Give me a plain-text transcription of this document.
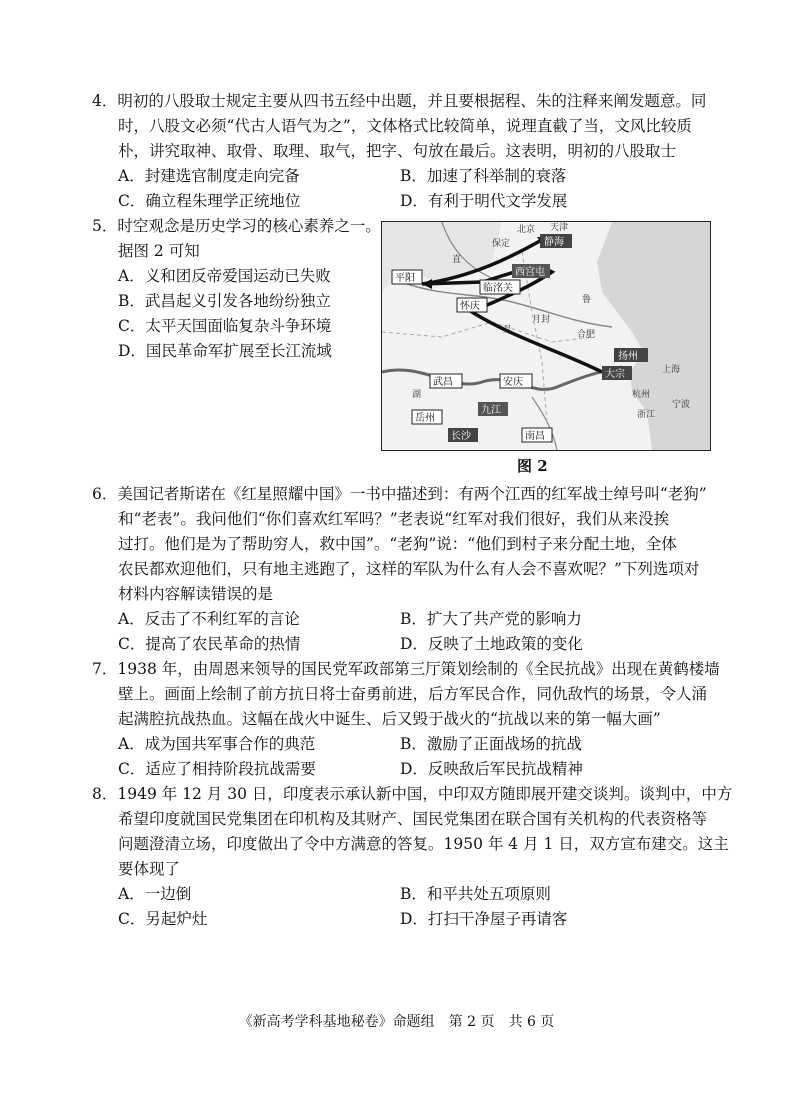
4．明初的八股取士规定主要从四书五经中出题，并且要根据程、朱的注释来阐发题意。同
时，八股文必须“代古人语气为之”，文体格式比较简单，说理直截了当，文风比较质
朴，讲究取神、取骨、取理、取气，把字、句放在最后。这表明，明初的八股取士
A．封建选官制度走向完备	B．加速了科举制的衰落
C．确立程朱理学正统地位	D．有利于明代文学发展
5．时空观念是历史学习的核心素养之一。
据图 2 可知
A．义和团反帝爱国运动已失败
B．武昌起义引发各地纷纷独立
C．太平天国面临复杂斗争环境
D．国民革命军扩展至长江流域
静海
平阳
西宫屯
临洺关
怀庆
扬州
大宗
武昌	安庆
岳州
九江
长沙	南昌
北京 天津
保定
直
鲁
合肥
湖	杭州
上海
浙江
宁波
月封
卫
图 2
6．美国记者斯诺在《红星照耀中国》一书中描述到：有两个江西的红军战士绰号叫“老狗”
和“老表”。我问他们“你们喜欢红军吗？”老表说“红军对我们很好，我们从来没挨
过打。他们是为了帮助穷人，救中国”。“老狗”说：“他们到村子来分配土地，全体
农民都欢迎他们，只有地主逃跑了，这样的军队为什么有人会不喜欢呢？”下列选项对
材料内容解读错误的是
A．反击了不利红军的言论	B．扩大了共产党的影响力
C．提高了农民革命的热情	D．反映了土地政策的变化
7．1938 年，由周恩来领导的国民党军政部第三厅策划绘制的《全民抗战》出现在黄鹤楼墙
壁上。画面上绘制了前方抗日将士奋勇前进，后方军民合作，同仇敌忾的场景，令人涌
起满腔抗战热血。这幅在战火中诞生、后又毁于战火的“抗战以来的第一幅大画”
A．成为国共军事合作的典范	B．激励了正面战场的抗战
C．适应了相持阶段抗战需要	D．反映敌后军民抗战精神
8．1949 年 12 月 30 日，印度表示承认新中国，中印双方随即展开建交谈判。谈判中，中方
希望印度就国民党集团在印机构及其财产、国民党集团在联合国有关机构的代表资格等
问题澄清立场，印度做出了令中方满意的答复。1950 年 4 月 1 日，双方宣布建交。这主
要体现了
A．一边倒	B．和平共处五项原则
C．另起炉灶	D．打扫干净屋子再请客
《新高考学科基地秘卷》命题组　第 2 页　共 6 页
